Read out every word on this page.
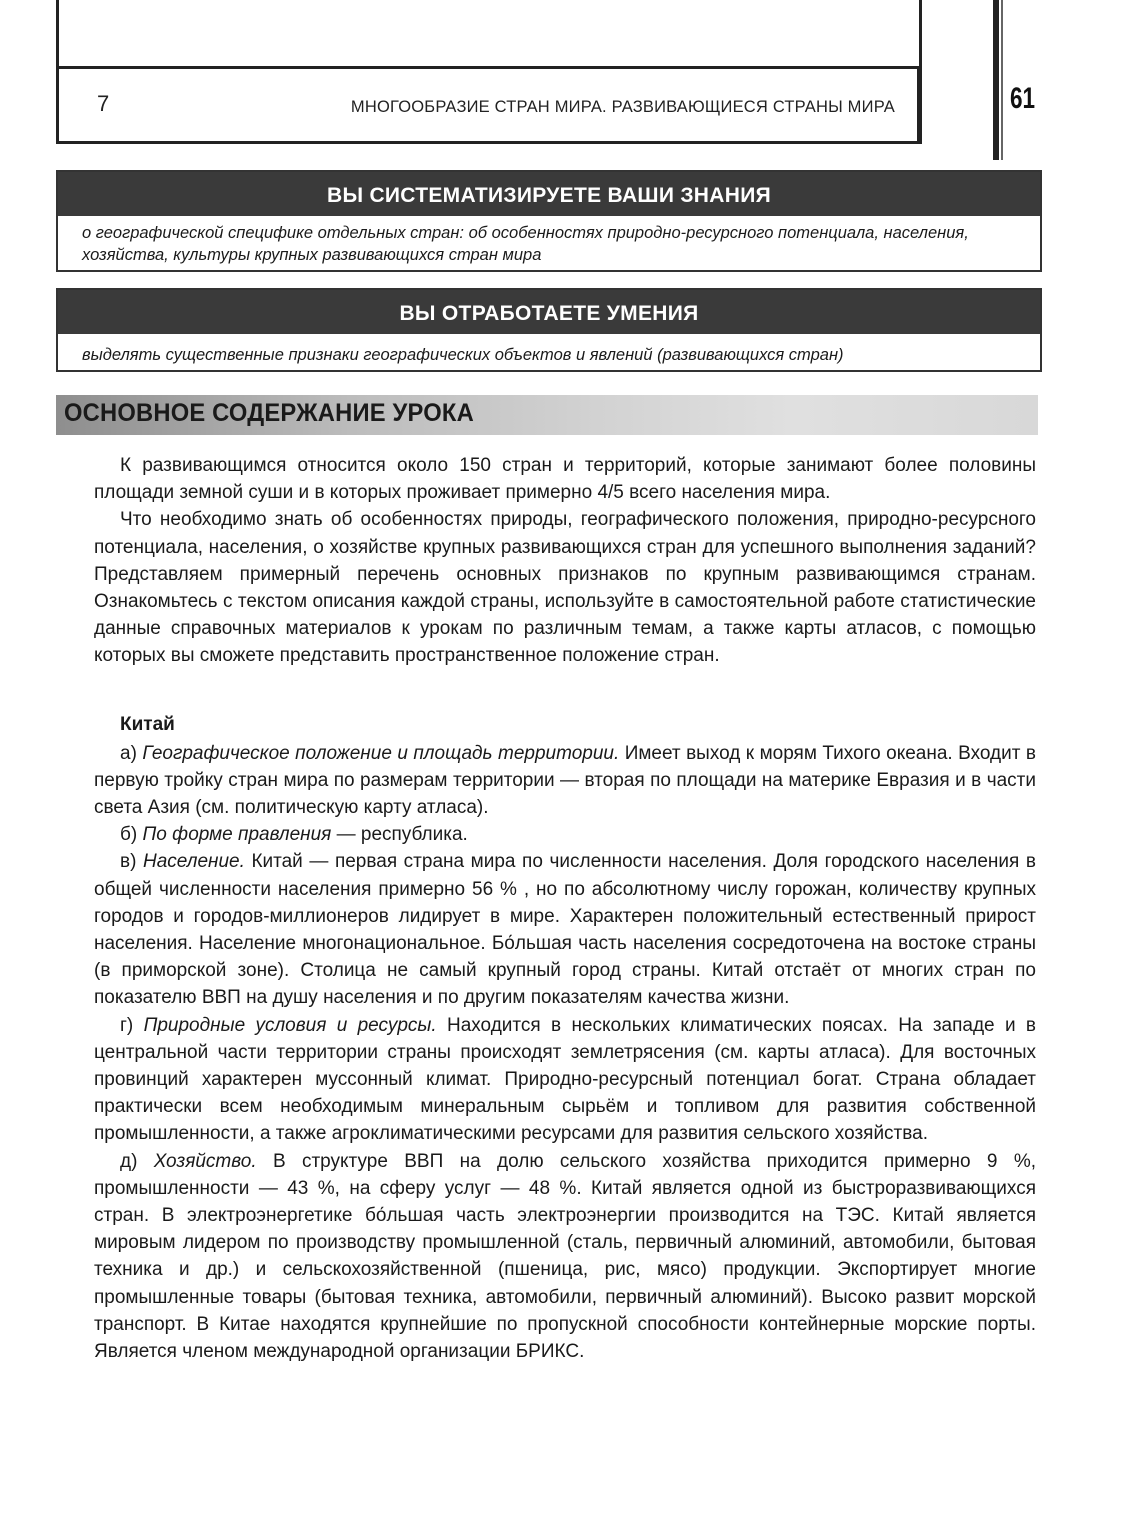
7	МНОГООБРАЗИЕ СТРАН МИРА. РАЗВИВАЮЩИЕСЯ СТРАНЫ МИРА	61
ВЫ СИСТЕМАТИЗИРУЕТЕ ВАШИ ЗНАНИЯ
о географической специфике отдельных стран: об особенностях природно-ресурсного потенциала, населения, хозяйства, культуры крупных развивающихся стран мира
ВЫ ОТРАБОТАЕТЕ УМЕНИЯ
выделять существенные признаки географических объектов и явлений (развивающихся стран)
ОСНОВНОЕ СОДЕРЖАНИЕ УРОКА

К развивающимся относится около 150 стран и территорий, которые занимают более половины площади земной суши и в которых проживает примерно 4/5 всего населения мира.

Что необходимо знать об особенностях природы, географического положения, природно-ресурсного потенциала, населения, о хозяйстве крупных развивающихся стран для успешного выполнения заданий? Представляем примерный перечень основных признаков по крупным развивающимся странам. Ознакомьтесь с текстом описания каждой страны, используйте в самостоятельной работе статистические данные справочных материалов к урокам по различным темам, а также карты атласов, с помощью которых вы сможете представить пространственное положение стран.

Китай

а) Географическое положение и площадь территории. Имеет выход к морям Тихого океана. Входит в первую тройку стран мира по размерам территории — вторая по площади на материке Евразия и в части света Азия (см. политическую карту атласа).

б) По форме правления — республика.

в) Население. Китай — первая страна мира по численности населения. Доля городского населения в общей численности населения примерно 56 % , но по абсолютному числу горожан, количеству крупных городов и городов-миллионеров лидирует в мире. Характерен положительный естественный прирост населения. Население многонациональное. Бо́льшая часть населения сосредоточена на востоке страны (в приморской зоне). Столица не самый крупный город страны. Китай отстаёт от многих стран по показателю ВВП на душу населения и по другим показателям качества жизни.

г) Природные условия и ресурсы. Находится в нескольких климатических поясах. На западе и в центральной части территории страны происходят землетрясения (см. карты атласа). Для восточных провинций характерен муссонный климат. Природно-ресурсный потенциал богат. Страна обладает практически всем необходимым минеральным сырьём и топливом для развития собственной промышленности, а также агроклиматическими ресурсами для развития сельского хозяйства.

д) Хозяйство. В структуре ВВП на долю сельского хозяйства приходится примерно 9 %, промышленности — 43 %, на сферу услуг — 48 %. Китай является одной из быстроразвивающихся стран. В электроэнергетике бо́льшая часть электроэнергии производится на ТЭС. Китай является мировым лидером по производству промышленной (сталь, первичный алюминий, автомобили, бытовая техника и др.) и сельскохозяйственной (пшеница, рис, мясо) продукции. Экспортирует многие промышленные товары (бытовая техника, автомобили, первичный алюминий). Высоко развит морской транспорт. В Китае находятся крупнейшие по пропускной способности контейнерные морские порты. Является членом международной организации БРИКС.
